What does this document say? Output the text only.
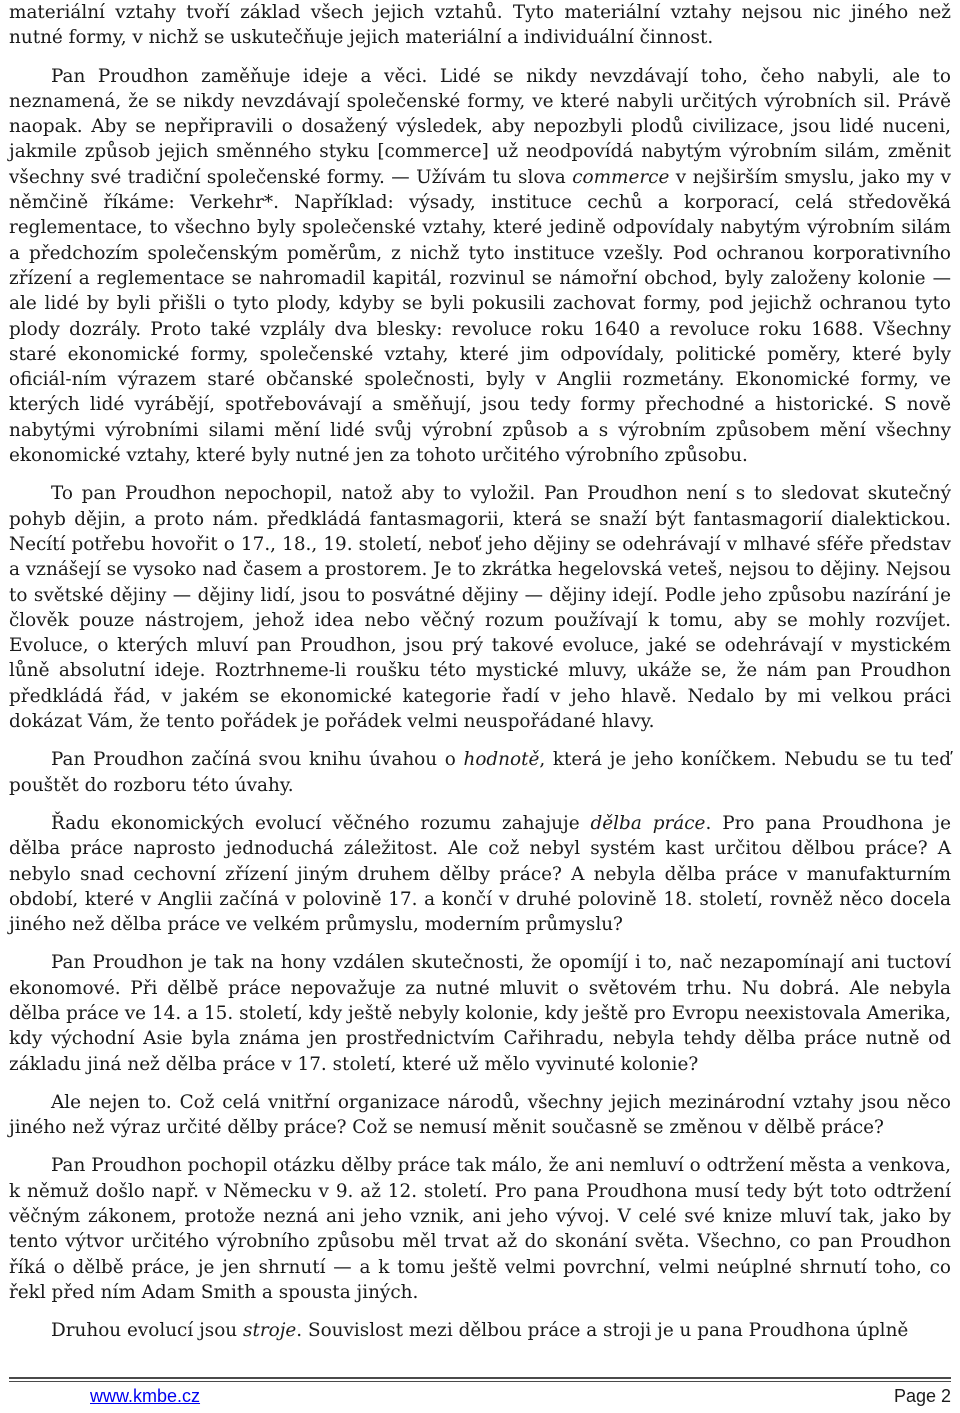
materiální vztahy tvoří základ všech jejich vztahů. Tyto materiální vztahy nejsou nic jiného než nutné formy, v nichž se uskutečňuje jejich materiální a individuální činnost.

Pan Proudhon zaměňuje ideje a věci. Lidé se nikdy nevzdávají toho, čeho nabyli, ale to neznamená, že se nikdy nevzdávají společenské formy, ve které nabyli určitých výrobních sil. Právě naopak. Aby se nepřipravili o dosažený výsledek, aby nepozbyli plodů civilizace, jsou lidé nuceni, jakmile způsob jejich směnného styku [commerce] už neodpovídá nabytým výrobním silám, změnit všechny své tradiční společenské formy. — Užívám tu slova commerce v nejširším smyslu, jako my v němčině říkáme: Verkehr*. Například: výsady, instituce cechů a korporací, celá středověká reglementace, to všechno byly společenské vztahy, které jedině odpovídaly nabytým výrobním silám a předchozím společenským poměrům, z nichž tyto instituce vzešly. Pod ochranou korporativního zřízení a reglementace se nahromadil kapitál, rozvinul se námořní obchod, byly založeny kolonie — ale lidé by byli přišli o tyto plody, kdyby se byli pokusili zachovat formy, pod jejichž ochranou tyto plody dozrály. Proto také vzplály dva blesky: revoluce roku 1640 a revoluce roku 1688. Všechny staré ekonomické formy, společenské vztahy, které jim odpovídaly, politické poměry, které byly oficiál-ním výrazem staré občanské společnosti, byly v Anglii rozmetány. Ekonomické formy, ve kterých lidé vyrábějí, spotřebovávají a směňují, jsou tedy formy přechodné a historické. S nově nabytými výrobními silami mění lidé svůj výrobní způsob a s výrobním způsobem mění všechny ekonomické vztahy, které byly nutné jen za tohoto určitého výrobního způsobu.

To pan Proudhon nepochopil, natož aby to vyložil. Pan Proudhon není s to sledovat skutečný pohyb dějin, a proto nám. předkládá fantasmagorii, která se snaží být fantasmagorií dialektickou. Necítí potřebu hovořit o 17., 18., 19. století, neboť jeho dějiny se odehrávají v mlhavé sféře představ a vznášejí se vysoko nad časem a prostorem. Je to zkrátka hegelovská veteš, nejsou to dějiny. Nejsou to světské dějiny — dějiny lidí, jsou to posvátné dějiny — dějiny idejí. Podle jeho způsobu nazírání je člověk pouze nástrojem, jehož idea nebo věčný rozum používají k tomu, aby se mohly rozvíjet. Evoluce, o kterých mluví pan Proudhon, jsou prý takové evoluce, jaké se odehrávají v mystickém lůně absolutní ideje. Roztrhneme-li roušku této mystické mluvy, ukáže se, že nám pan Proudhon předkládá řád, v jakém se ekonomické kategorie řadí v jeho hlavě. Nedalo by mi velkou práci dokázat Vám, že tento pořádek je pořádek velmi neuspořádané hlavy.

Pan Proudhon začíná svou knihu úvahou o hodnotě, která je jeho koníčkem. Nebudu se tu teď pouštět do rozboru této úvahy.

Řadu ekonomických evolucí věčného rozumu zahajuje dělba práce. Pro pana Proudhona je dělba práce naprosto jednoduchá záležitost. Ale což nebyl systém kast určitou dělbou práce? A nebylo snad cechovní zřízení jiným druhem dělby práce? A nebyla dělba práce v manufakturním období, které v Anglii začíná v polovině 17. a končí v druhé polovině 18. století, rovněž něco docela jiného než dělba práce ve velkém průmyslu, moderním průmyslu?

Pan Proudhon je tak na hony vzdálen skutečnosti, že opomíjí i to, nač nezapomínají ani tuctoví ekonomové. Při dělbě práce nepovažuje za nutné mluvit o světovém trhu. Nu dobrá. Ale nebyla dělba práce ve 14. a 15. století, kdy ještě nebyly kolonie, kdy ještě pro Evropu neexistovala Amerika, kdy východní Asie byla známa jen prostřednictvím Cařihradu, nebyla tehdy dělba práce nutně od základu jiná než dělba práce v 17. století, které už mělo vyvinuté kolonie?

Ale nejen to. Což celá vnitřní organizace národů, všechny jejich mezinárodní vztahy jsou něco jiného než výraz určité dělby práce? Což se nemusí měnit současně se změnou v dělbě práce?

Pan Proudhon pochopil otázku dělby práce tak málo, že ani nemluví o odtržení města a venkova, k němuž došlo např. v Německu v 9. až 12. století. Pro pana Proudhona musí tedy být toto odtržení věčným zákonem, protože nezná ani jeho vznik, ani jeho vývoj. V celé své knize mluví tak, jako by tento výtvor určitého výrobního způsobu měl trvat až do skonání světa. Všechno, co pan Proudhon říká o dělbě práce, je jen shrnutí — a k tomu ještě velmi povrchní, velmi neúplné shrnutí toho, co řekl před ním Adam Smith a spousta jiných.

Druhou evolucí jsou stroje. Souvislost mezi dělbou práce a stroji je u pana Proudhona úplně

www.kmbe.cz	Page 2
